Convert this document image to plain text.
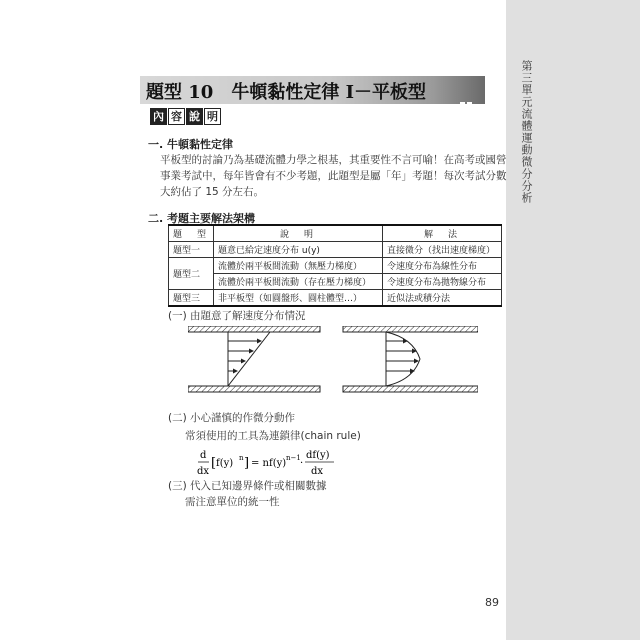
第三單元
流體運動微分分析
題型 10　牛頓黏性定律 I－平板型
內 容 說 明
一. 牛頓黏性定律
平板型的討論乃為基礎流體力學之根基，其重要性不言可喻！在高考或國營
事業考試中，每年皆會有不少考題，此題型是屬「年」考題！每次考試分數
大約佔了 15 分左右。
二. 考題主要解法架構
題　型	說　明	解　法
題型一	題意已給定速度分布 u(y)	直接微分（找出速度梯度）
題型二	流體於兩平板間流動（無壓力梯度）	令速度分布為線性分布
	流體於兩平板間流動（存在壓力梯度）	令速度分布為拋物線分布
題型三	非平板型（如圓盤形、圓柱體型…）	近似法或積分法
(一) 由題意了解速度分布情況
(二) 小心謹慎的作微分動作
常須使用的工具為連鎖律(chain rule)
d
dx
[ f(y) n ] = nf(y) n−1 ·
df(y)
dx
(三) 代入已知邊界條件或相關數據
需注意單位的統一性
89
